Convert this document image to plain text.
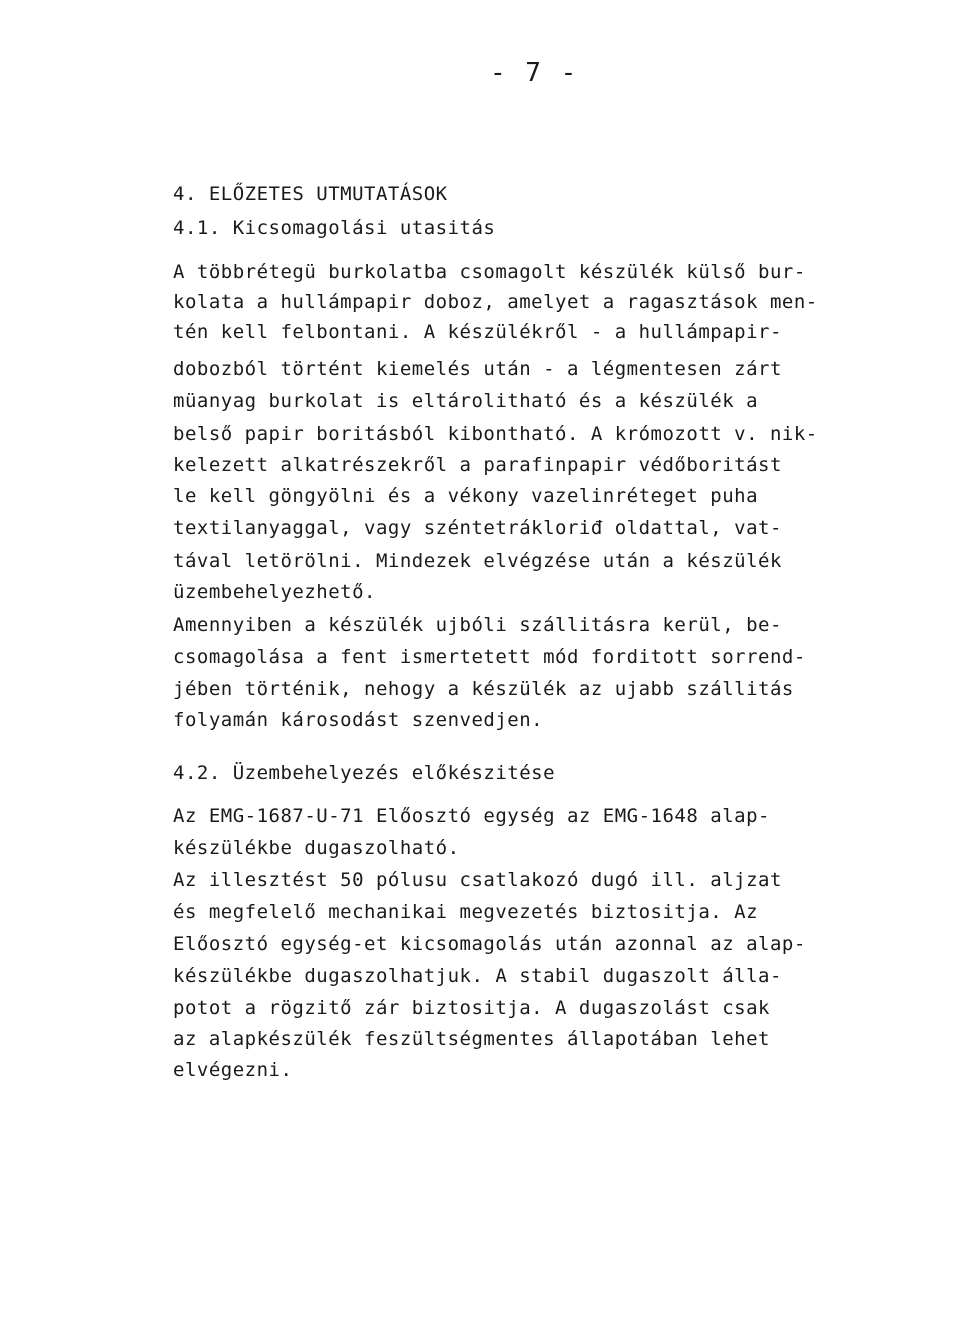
- 7 -
4. ELŐZETES UTMUTATÁSOK
4.1. Kicsomagolási utasitás
A többrétegü burkolatba csomagolt készülék külső bur-
kolata a hullámpapir doboz, amelyet a ragasztások men-
tén kell felbontani. A készülékről - a hullámpapir-
dobozból történt kiemelés után - a légmentesen zárt
müanyag burkolat is eltárolitható és a készülék a
belső papir boritásból kibontható. A krómozott v. nik-
kelezett alkatrészekről a parafinpapir védőboritást
le kell göngyölni és a vékony vazelinréteget puha
textilanyaggal, vagy széntetrákloriđ oldattal, vat-
tával letörölni. Mindezek elvégzése után a készülék
üzembehelyezhető.
Amennyiben a készülék ujbóli szállitásra kerül, be-
csomagolása a fent ismertetett mód forditott sorrend-
jében történik, nehogy a készülék az ujabb szállitás
folyamán károsodást szenvedjen.
4.2. Üzembehelyezés előkészitése
Az EMG-1687-U-71 Előosztó egység az EMG-1648 alap-
készülékbe dugaszolható.
Az illesztést 50 pólusu csatlakozó dugó ill. aljzat
és megfelelő mechanikai megvezetés biztositja. Az
Előosztó egység-et kicsomagolás után azonnal az alap-
készülékbe dugaszolhatjuk. A stabil dugaszolt álla-
potot a rögzitő zár biztositja. A dugaszolást csak
az alapkészülék feszültségmentes állapotában lehet
elvégezni.
